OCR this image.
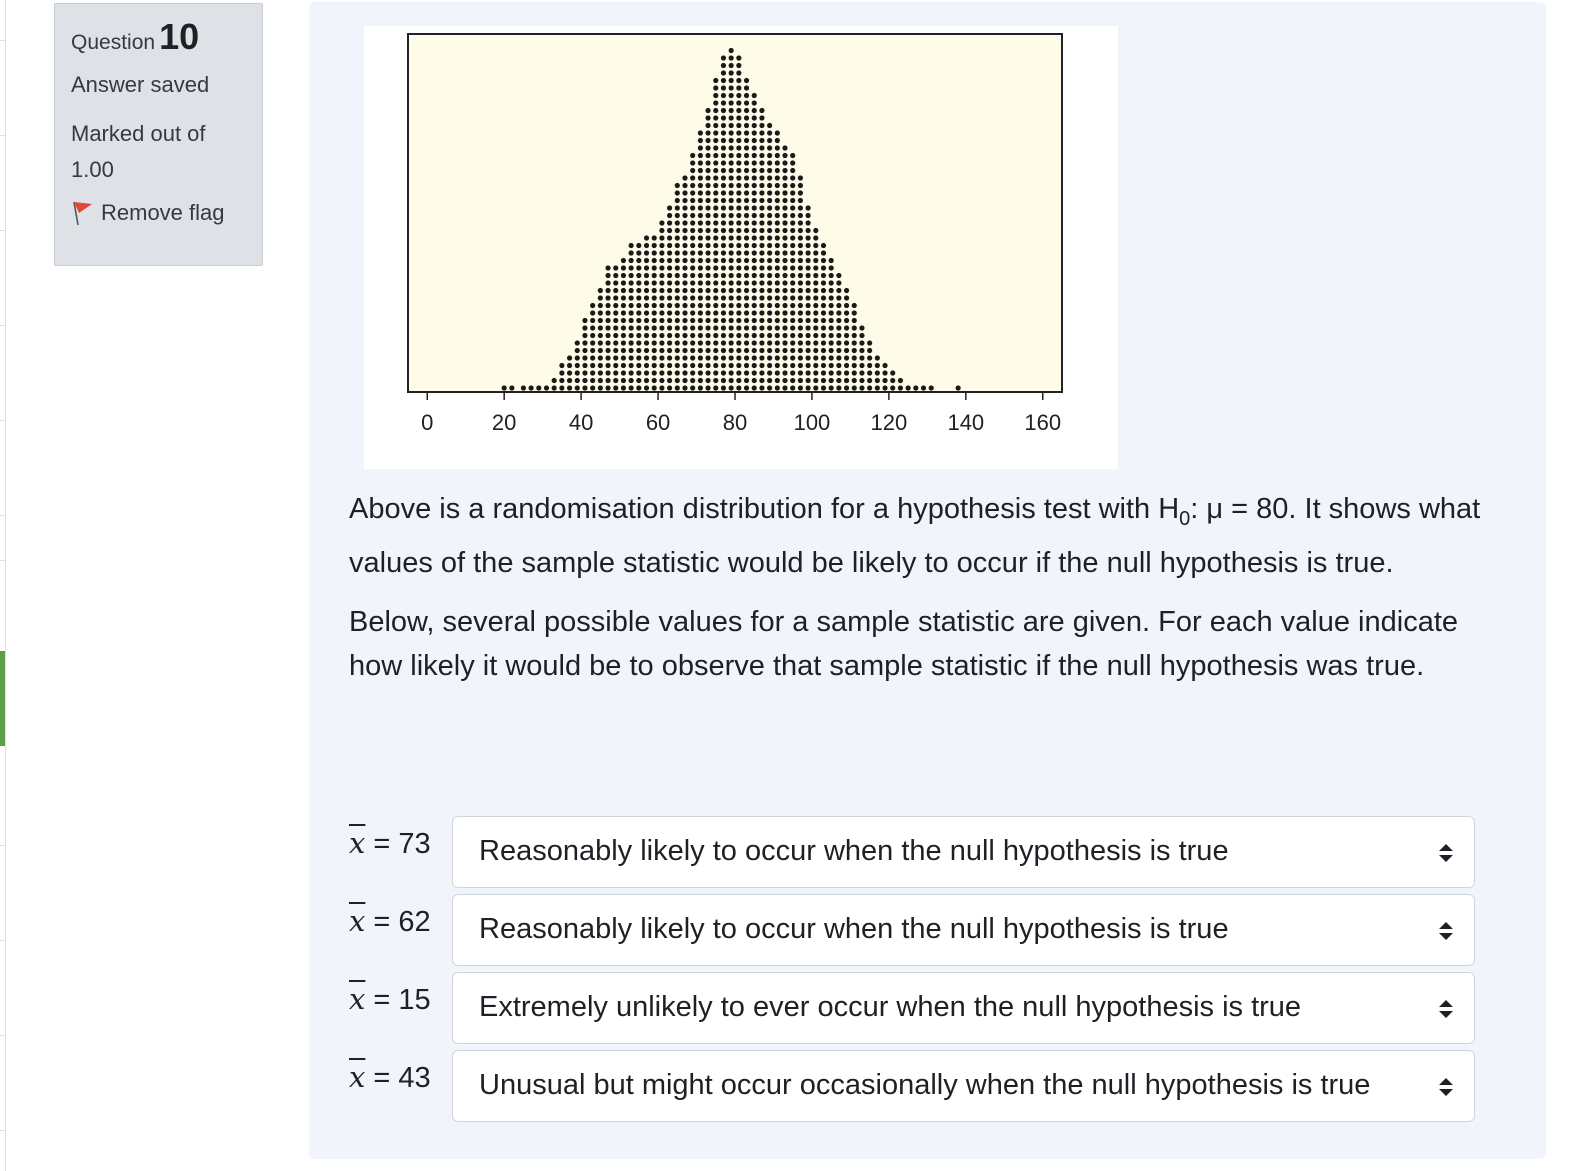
Question 10
Answer saved
Marked out of 1.00
Remove flag
0	20 40 60 80 100 120 140 160

Above is a randomisation distribution for a hypothesis test with $H_0$: μ = 80. It shows what values of the sample statistic would be likely to occur if the null hypothesis is true.

Below, several possible values for a sample statistic are given. For each value indicate how likely it would be to observe that sample statistic if the null hypothesis was true.

$\overline{x} = 73$ Reasonably likely to occur when the null hypothesis is true
$\overline{x} = 62$ Reasonably likely to occur when the null hypothesis is true
$\overline{x} = 15$ Extremely unlikely to ever occur when the null hypothesis is true
$\overline{x} = 43$ Unusual but might occur occasionally when the null hypothesis is true
